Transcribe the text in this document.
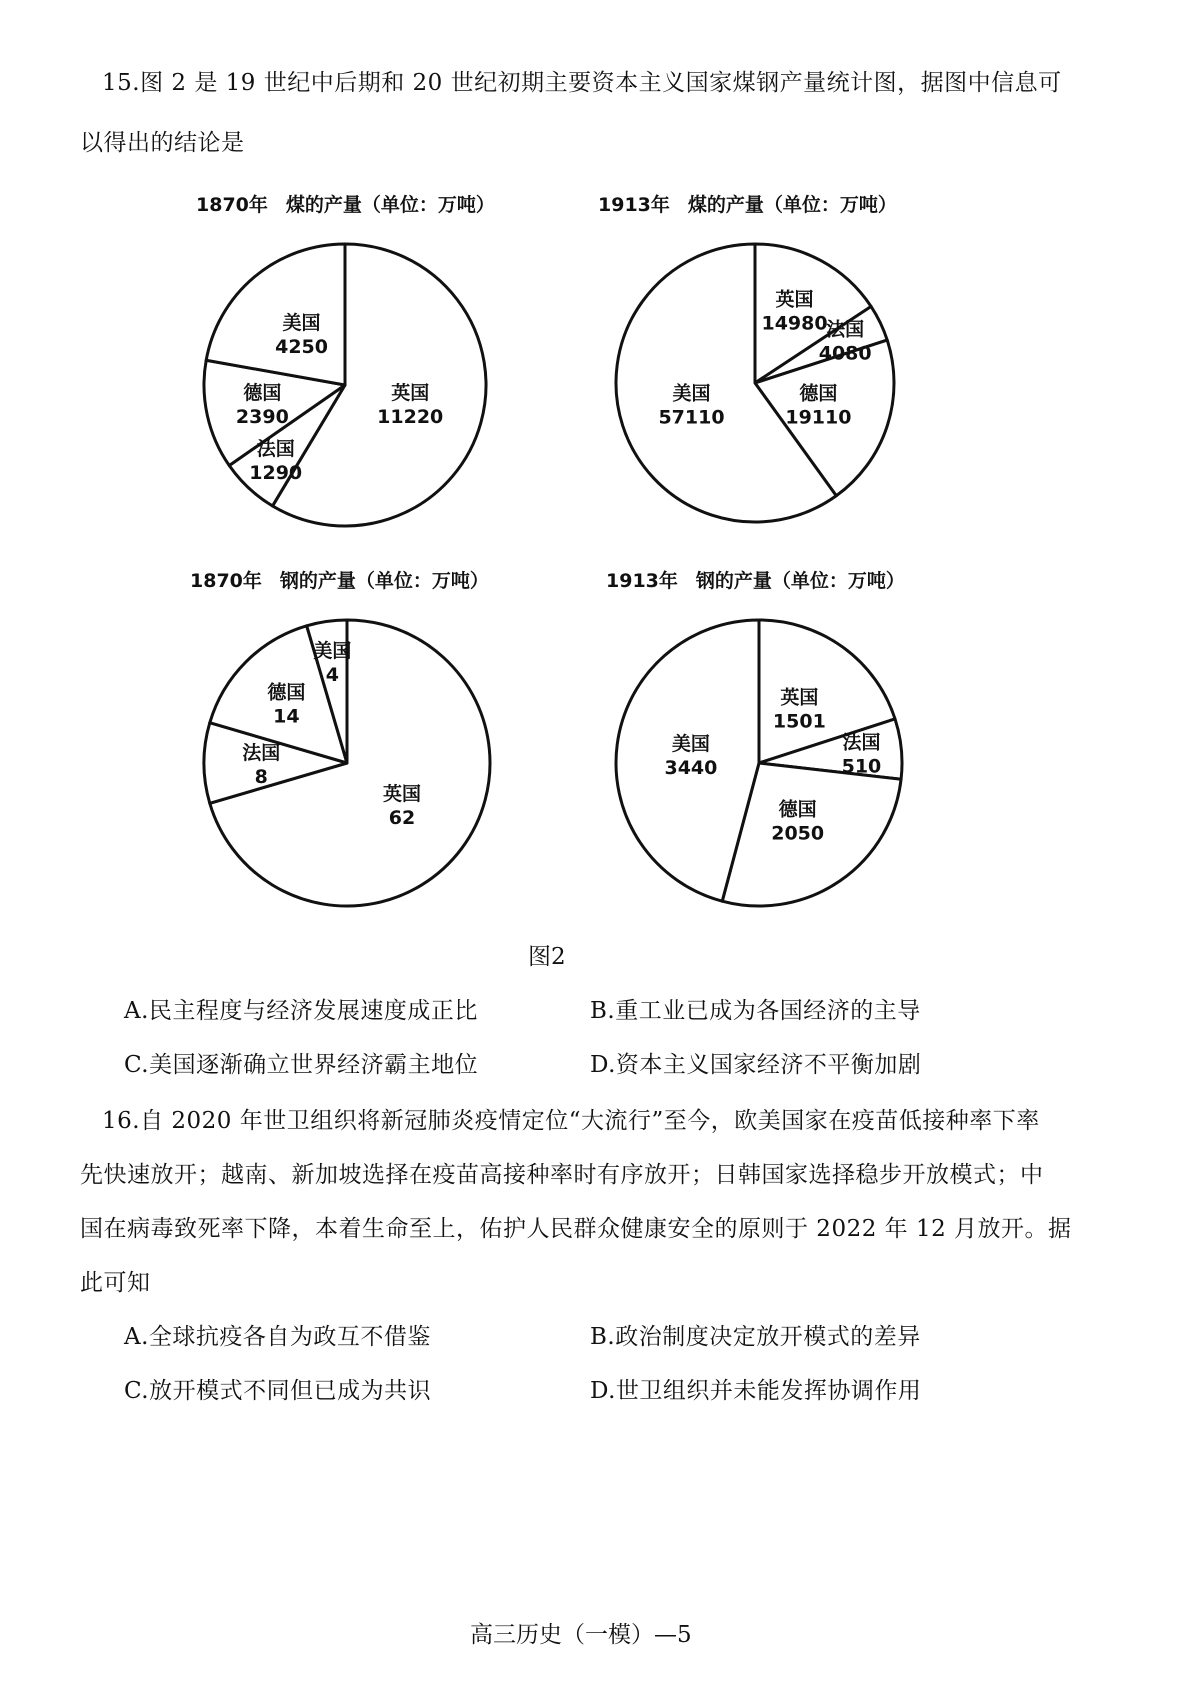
15.图 2 是 19 世纪中后期和 20 世纪初期主要资本主义国家煤钢产量统计图，据图中信息可
以得出的结论是
1870年 煤的产量（单位：万吨）	1913年 煤的产量（单位：万吨）
1870年 钢的产量（单位：万吨）	1913年 钢的产量（单位：万吨）
英国
11220
法国
1290
德国
2390
美国
4250
英国
14980
法国
4080
德国
19110
美国
57110
英国
62
法国
8
德国
14
美国
4
英国
1501
法国
510
德国
2050
美国
3440
图2
A.民主程度与经济发展速度成正比	B.重工业已成为各国经济的主导
C.美国逐渐确立世界经济霸主地位	D.资本主义国家经济不平衡加剧
16.自 2020 年世卫组织将新冠肺炎疫情定位“大流行”至今，欧美国家在疫苗低接种率下率
先快速放开；越南、新加坡选择在疫苗高接种率时有序放开；日韩国家选择稳步开放模式；中
国在病毒致死率下降，本着生命至上，佑护人民群众健康安全的原则于 2022 年 12 月放开。据
此可知
A.全球抗疫各自为政互不借鉴	B.政治制度决定放开模式的差异
C.放开模式不同但已成为共识	D.世卫组织并未能发挥协调作用
高三历史（一模）—5
